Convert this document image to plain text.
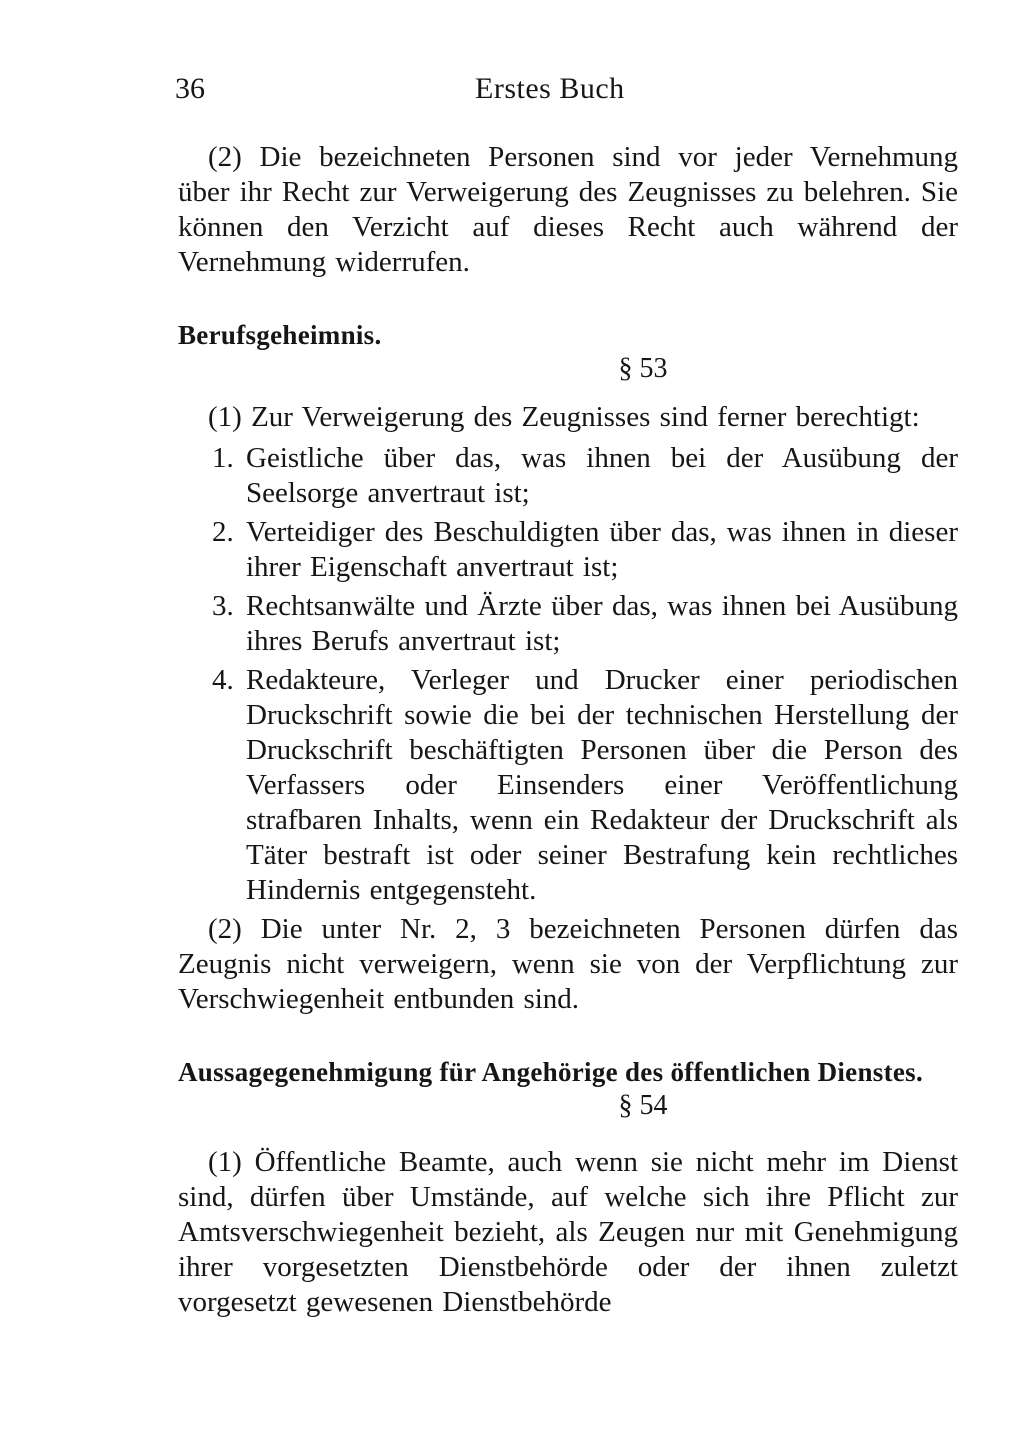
36	Erstes Buch

(2) Die bezeichneten Personen sind vor jeder Vernehmung über ihr Recht zur Verweigerung des Zeugnisses zu belehren. Sie können den Verzicht auf dieses Recht auch während der Vernehmung widerrufen.

Berufsgeheimnis.
§ 53

(1) Zur Verweigerung des Zeugnisses sind ferner berechtigt:

1. Geistliche über das, was ihnen bei der Ausübung der Seelsorge anvertraut ist;
2. Verteidiger des Beschuldigten über das, was ihnen in dieser ihrer Eigenschaft anvertraut ist;
3. Rechtsanwälte und Ärzte über das, was ihnen bei Ausübung ihres Berufs anvertraut ist;
4. Redakteure, Verleger und Drucker einer periodischen Druckschrift sowie die bei der technischen Herstellung der Druckschrift beschäftigten Personen über die Person des Verfassers oder Einsenders einer Veröffentlichung strafbaren Inhalts, wenn ein Redakteur der Druckschrift als Täter bestraft ist oder seiner Bestrafung kein rechtliches Hindernis entgegensteht.

(2) Die unter Nr. 2, 3 bezeichneten Personen dürfen das Zeugnis nicht verweigern, wenn sie von der Verpflichtung zur Verschwiegenheit entbunden sind.

Aussagegenehmigung für Angehörige des öffentlichen Dienstes.
§ 54

(1) Öffentliche Beamte, auch wenn sie nicht mehr im Dienst sind, dürfen über Umstände, auf welche sich ihre Pflicht zur Amtsverschwiegenheit bezieht, als Zeugen nur mit Genehmigung ihrer vorgesetzten Dienstbehörde oder der ihnen zuletzt vorgesetzt gewesenen Dienstbehörde
